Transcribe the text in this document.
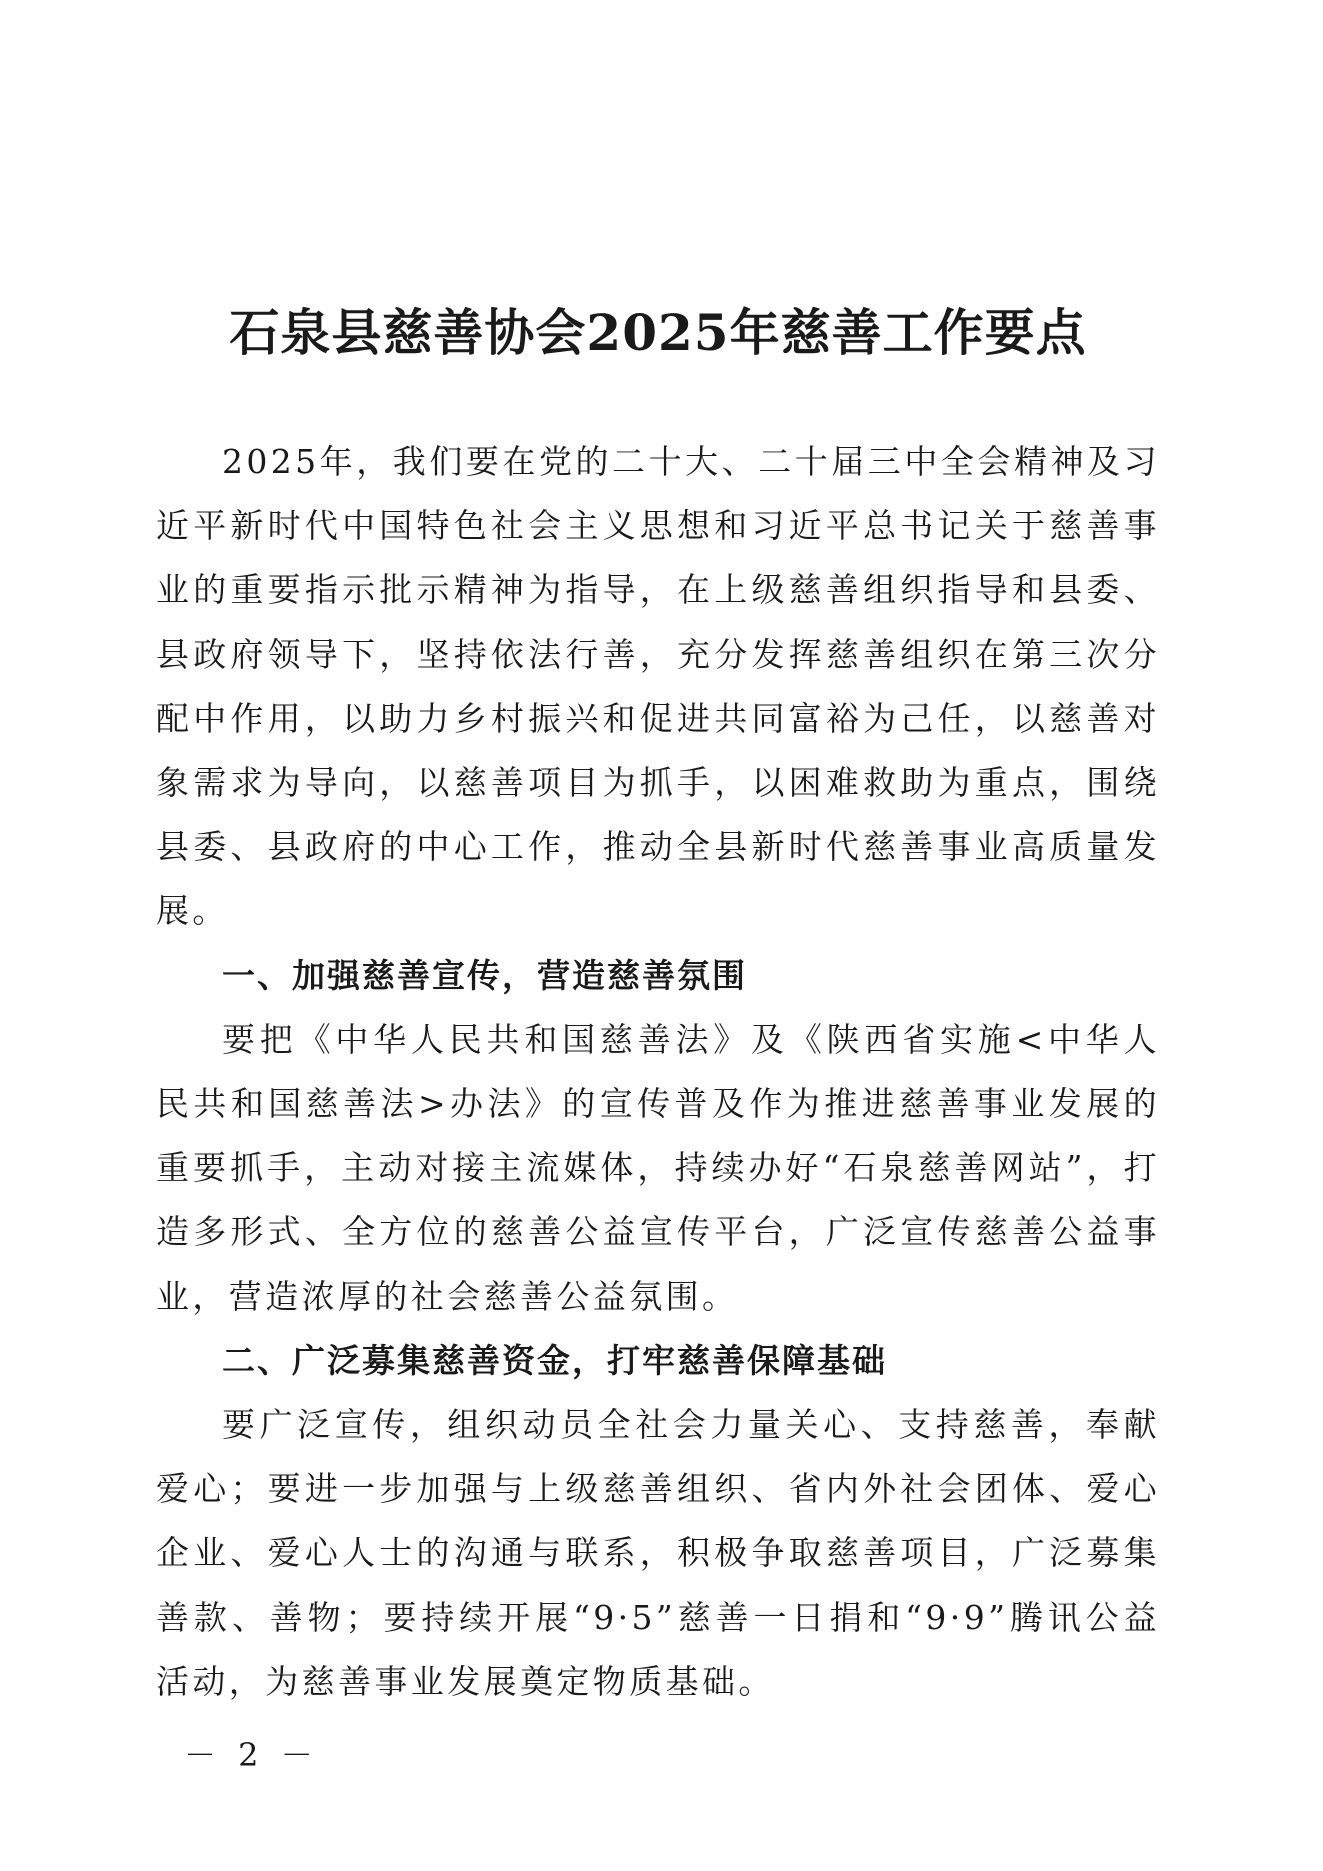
石泉县慈善协会2025年慈善工作要点

2025年，我们要在党的二十大、二十届三中全会精神及习近平新时代中国特色社会主义思想和习近平总书记关于慈善事业的重要指示批示精神为指导，在上级慈善组织指导和县委、县政府领导下，坚持依法行善，充分发挥慈善组织在第三次分配中作用，以助力乡村振兴和促进共同富裕为己任，以慈善对象需求为导向，以慈善项目为抓手，以困难救助为重点，围绕县委、县政府的中心工作，推动全县新时代慈善事业高质量发展。

一、加强慈善宣传，营造慈善氛围

要把《中华人民共和国慈善法》及《陕西省实施<中华人民共和国慈善法>办法》的宣传普及作为推进慈善事业发展的重要抓手，主动对接主流媒体，持续办好“石泉慈善网站”，打造多形式、全方位的慈善公益宣传平台，广泛宣传慈善公益事业，营造浓厚的社会慈善公益氛围。

二、广泛募集慈善资金，打牢慈善保障基础

要广泛宣传，组织动员全社会力量关心、支持慈善，奉献爱心；要进一步加强与上级慈善组织、省内外社会团体、爱心企业、爱心人士的沟通与联系，积极争取慈善项目，广泛募集善款、善物；要持续开展“9·5”慈善一日捐和“9·9”腾讯公益活动，为慈善事业发展奠定物质基础。

－ 2 －
